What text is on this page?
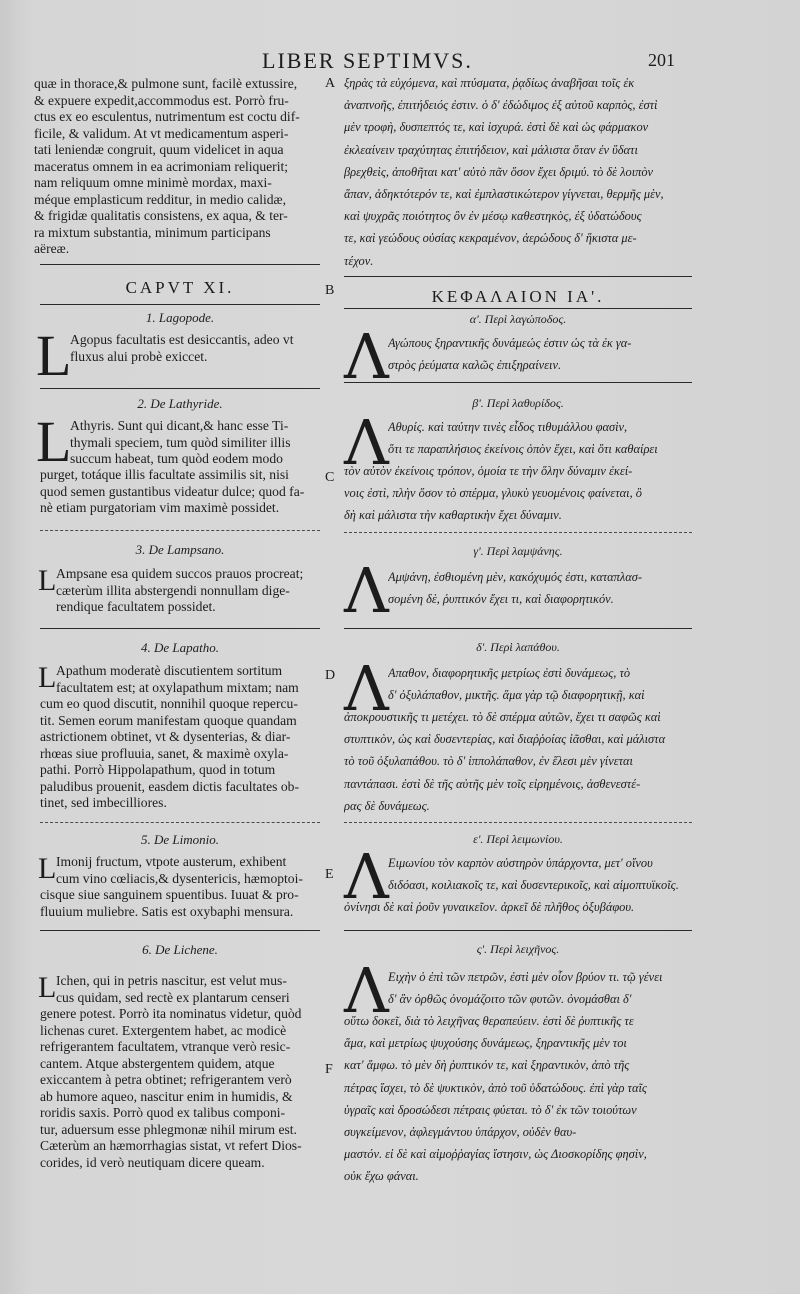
LIBER SEPTIMVS.	201
A
B
C
D
E
F
quæ in thorace,& pulmone sunt, facilè extussire,
& expuere expedit,accommodus est. Porrò fru-
ctus ex eo esculentus, nutrimentum est coctu dif-
ficile, & validum. At vt medicamentum asperi-
tati leniendæ congruit, quum videlicet in aqua
maceratus omnem in ea acrimoniam reliquerit;
nam reliquum omne minimè mordax, maxi-
méque emplasticum redditur, in medio calidæ,
& frigidæ qualitatis consistens, ex aqua, & ter-
ra mixtum substantia, minimum participans
aëreæ.
CAPVT XI.
1. Lagopode.
L
Agopus facultatis est desiccantis, adeo vt
fluxus alui probè exiccet.
2. De Lathyride.
L
Athyris. Sunt qui dicant,& hanc esse Ti-
thymali speciem, tum quòd similiter illis
succum habeat, tum quòd eodem modo
purget, totáque illis facultate assimilis sit, nisi
quod semen gustantibus videatur dulce; quod fa-
nè etiam purgatoriam vim maximè possidet.
3. De Lampsano.
L Ampsane esa quidem succos prauos procreat;
cæterùm illita abstergendi nonnullam dige-
rendique facultatem possidet.
4. De Lapatho.
L Apathum moderatè discutientem sortitum
facultatem est; at oxylapathum mixtam; nam
cum eo quod discutit, nonnihil quoque repercu-
tit. Semen eorum manifestam quoque quandam
astrictionem obtinet, vt & dysenterias, & diar-
rhœas siue profluuia, sanet, & maximè oxyla-
pathi. Porrò Hippolapathum, quod in totum
paludibus prouenit, easdem dictis facultates ob-
tinet, sed imbecilliores.
5. De Limonio.
L Imonij fructum, vtpote austerum, exhibent
cum vino cœliacis,& dysentericis, hæmoptoi-
cisque siue sanguinem spuentibus. Iuuat & pro-
fluuium muliebre. Satis est oxybaphi mensura.
6. De Lichene.
L Ichen, qui in petris nascitur, est velut mus-
cus quidam, sed rectè ex plantarum censeri
genere potest. Porrò ita nominatus videtur, quòd
lichenas curet. Extergentem habet, ac modicè
refrigerantem facultatem, vtranque verò resic-
cantem. Atque abstergentem quidem, atque
exiccantem à petra obtinet; refrigerantem verò
ab humore aqueo, nascitur enim in humidis, &
roridis saxis. Porrò quod ex talibus componi-
tur, aduersum esse phlegmonæ nihil mirum est.
Cæterùm an hæmorrhagias sistat, vt refert Dios-
corides, id verò neutiquam dicere queam.
ξηρὰς τὰ εὐχόμενα, καὶ πτύσματα, ῥᾳδίως ἀναβῆσαι τοῖς ἐκ
ἀναπνοῆς, ἐπιτήδειός ἐστιν. ὁ δ' ἐδώδιμος ἐξ αὐτοῦ καρπὸς, ἐστὶ
μὲν τροφὴ, δυσπεπτός τε, καὶ ἰσχυρά. ἐστὶ δὲ καὶ ὡς φάρμακον
ἐκλεαίνειν τραχύτητας ἐπιτήδειον, καὶ μάλιστα ὅταν ἐν ὕδατι
βρεχθεὶς, ἀποθῆται κατ' αὐτὸ πᾶν ὅσον ἔχει δριμύ. τὸ δὲ λοιπὸν
ἅπαν, ἀδηκτότερόν τε, καὶ ἐμπλαστικώτερον γίγνεται, θερμῆς μὲν,
καὶ ψυχρᾶς ποιότητος ὂν ἐν μέσῳ καθεστηκὸς, ἐξ ὑδατώδους
τε, καὶ γεώδους οὐσίας κεκραμένον, ἀερώδους δ' ἥκιστα με-
τέχον.
ΚΕΦΑΛΑΙΟΝ ΙΑ'.
α'. Περὶ λαγώποδος.
Λ Αγώπους ξηραντικῆς δυνάμεώς ἐστιν ὡς τὰ ἐκ γα-
στρὸς ῥεύματα καλῶς ἐπιξηραίνειν.
β'. Περὶ λαθυρίδος.
Λ Αθυρίς. καὶ ταύτην τινὲς εἶδος τιθυμάλλου φασὶν,
ὅτι τε παραπλήσιος ἐκείνοις ὀπὸν ἔχει, καὶ ὅτι καθαίρει
τὸν αὐτὸν ἐκείνοις τρόπον, ὁμοία τε τὴν ὅλην δύναμιν ἐκεί-
νοις ἐστὶ, πλὴν ὅσον τὸ σπέρμα, γλυκὺ γευομένοις φαίνεται, ὃ
δὴ καὶ μάλιστα τὴν καθαρτικὴν ἔχει δύναμιν.
γ'. Περὶ λαμψάνης.
Λ Αμψάνη, ἐσθιομένη μὲν, κακόχυμός ἐστι, καταπλασ-
σομένη δὲ, ῥυπτικόν ἔχει τι, καὶ διαφορητικόν.
δ'. Περὶ λαπάθου.
Λ Απαθον, διαφορητικῆς μετρίως ἐστὶ δυνάμεως, τὸ
δ' ὀξυλάπαθον, μικτῆς. ἅμα γὰρ τῷ διαφορητικῇ, καὶ
ἀποκρουστικῆς τι μετέχει. τὸ δὲ σπέρμα αὐτῶν, ἔχει τι σαφῶς καὶ
στυπτικὸν, ὡς καὶ δυσεντερίας, καὶ διαῤῥοίας ἰᾶσθαι, καὶ μάλιστα
τὸ τοῦ ὀξυλαπάθου. τὸ δ' ἱππολάπαθον, ἐν ἕλεσι μὲν γίνεται
παντάπασι. ἐστὶ δὲ τῆς αὐτῆς μὲν τοῖς εἰρημένοις, ἀσθενεστέ-
ρας δὲ δυνάμεως.
ε'. Περὶ λειμωνίου.
Λ Ειμωνίου τὸν καρπὸν αὐστηρὸν ὑπάρχοντα, μετ' οἴνου
διδόασι, κοιλιακοῖς τε, καὶ δυσεντερικοῖς, καὶ αἱμοπτυϊκοῖς.
ὀνίνησι δὲ καὶ ῥοῦν γυναικεῖον. ἀρκεῖ δὲ πλῆθος ὀξυβάφου.
ς'. Περὶ λειχῆνος.
Λ Ειχὴν ὁ ἐπὶ τῶν πετρῶν, ἐστὶ μὲν οἷον βρύον τι. τῷ γένει
δ' ἂν ὀρθῶς ὀνομάζοιτο τῶν φυτῶν. ὀνομάσθαι δ'
οὕτω δοκεῖ, διὰ τὸ λειχῆνας θεραπεύειν. ἐστὶ δὲ ῥυπτικῆς τε
ἅμα, καὶ μετρίως ψυχούσης δυνάμεως, ξηραντικῆς μὲν τοι
κατ' ἄμφω. τὸ μὲν δὴ ῥυπτικόν τε, καὶ ξηραντικὸν, ἀπὸ τῆς
πέτρας ἴσχει, τὸ δὲ ψυκτικὸν, ἀπὸ τοῦ ὑδατώδους. ἐπὶ γὰρ ταῖς
ὑγραῖς καὶ δροσώδεσι πέτραις φύεται. τὸ δ' ἐκ τῶν τοιούτων
συγκείμενον, ἀφλεγμάντου ὑπάρχον, οὐδὲν θαυ-
μαστόν. εἰ δὲ καὶ αἱμοῤῥαγίας ἵστησιν, ὡς Διοσκορίδης φησὶν,
οὐκ ἔχω φάναι.
